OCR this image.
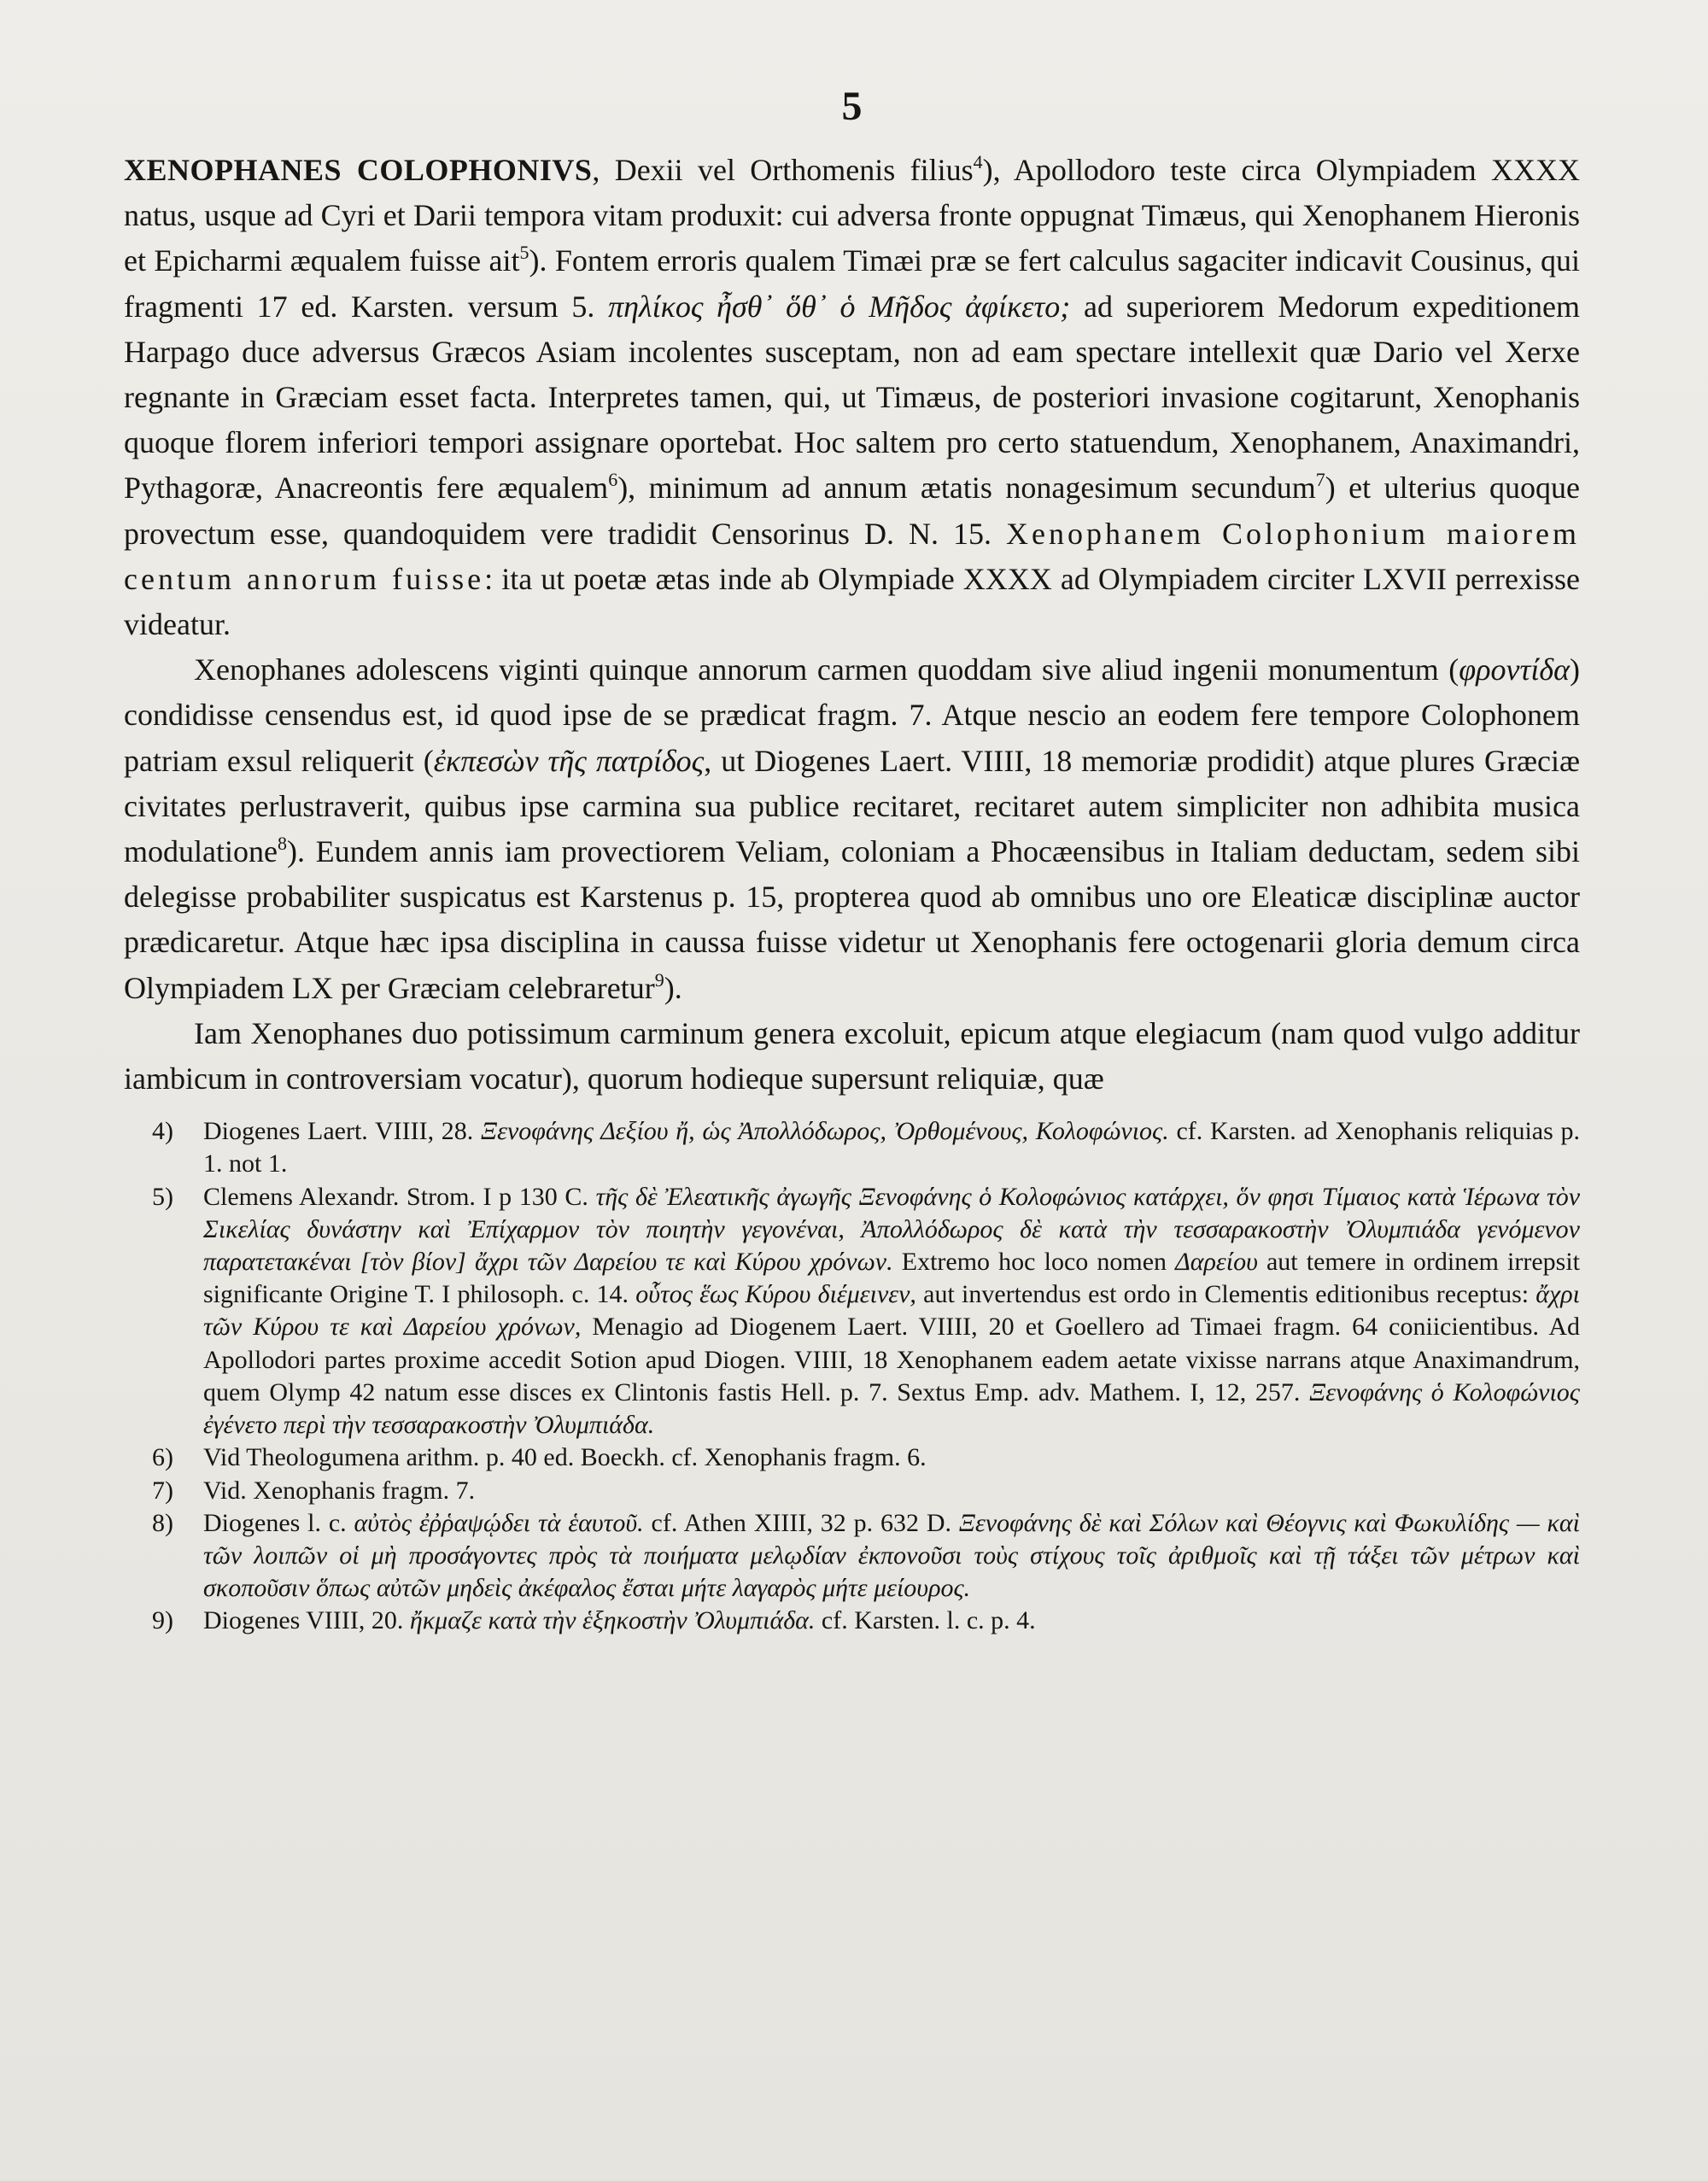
5

XENOPHANES COLOPHONIVS, Dexii vel Orthomenis filius$^4$), Apollodoro teste circa Olympiadem XXXX natus, usque ad Cyri et Darii tempora vitam produxit: cui adversa fronte oppugnat Timæus, qui Xenophanem Hieronis et Epicharmi æqualem fuisse ait$^5$). Fontem erroris qualem Timæi præ se fert calculus sagaciter indicavit Cousinus, qui fragmenti 17 ed. Karsten. versum 5. πηλίκος ἦσθ᾽ ὅθ᾽ ὁ Μῆδος ἀφίκετο; ad superiorem Medorum expeditionem Harpago duce adversus Græcos Asiam incolentes susceptam, non ad eam spectare intellexit quæ Dario vel Xerxe regnante in Græciam esset facta. Interpretes tamen, qui, ut Timæus, de posteriori invasione cogitarunt, Xenophanis quoque florem inferiori tempori assignare oportebat. Hoc saltem pro certo statuendum, Xenophanem, Anaximandri, Pythagoræ, Anacreontis fere æqualem$^6$), minimum ad annum ætatis nonagesimum secundum$^7$) et ulterius quoque provectum esse, quandoquidem vere tradidit Censorinus D. N. 15. Xenophanem Colophonium maiorem centum annorum fuisse: ita ut poetæ ætas inde ab Olympiade XXXX ad Olympiadem circiter LXVII perrexisse videatur.

Xenophanes adolescens viginti quinque annorum carmen quoddam sive aliud ingenii monumentum (φροντίδα) condidisse censendus est, id quod ipse de se prædicat fragm. 7. Atque nescio an eodem fere tempore Colophonem patriam exsul reliquerit (ἐκπεσὼν τῆς πατρίδος, ut Diogenes Laert. VIIII, 18 memoriæ prodidit) atque plures Græciæ civitates perlustraverit, quibus ipse carmina sua publice recitaret, recitaret autem simpliciter non adhibita musica modulatione$^8$). Eundem annis iam provectiorem Veliam, coloniam a Phocæensibus in Italiam deductam, sedem sibi delegisse probabiliter suspicatus est Karstenus p. 15, propterea quod ab omnibus uno ore Eleaticæ disciplinæ auctor prædicaretur. Atque hæc ipsa disciplina in caussa fuisse videtur ut Xenophanis fere octogenarii gloria demum circa Olympiadem LX per Græciam celebraretur$^9$).

Iam Xenophanes duo potissimum carminum genera excoluit, epicum atque elegiacum (nam quod vulgo additur iambicum in controversiam vocatur), quorum hodieque supersunt reliquiæ, quæ

4) Diogenes Laert. VIIII, 28. Ξενοφάνης Δεξίου ἤ, ὡς Ἀπολλόδωρος, Ὀρθομένους, Κολοφώνιος. cf. Karsten. ad Xenophanis reliquias p. 1. not 1.
5) Clemens Alexandr. Strom. I p 130 C. τῆς δὲ Ἐλεατικῆς ἀγωγῆς Ξενοφάνης ὁ Κολοφώνιος κατάρχει, ὅν φησι Τίμαιος κατὰ Ἱέρωνα τὸν Σικελίας δυνάστην καὶ Ἐπίχαρμον τὸν ποιητὴν γεγονέναι, Ἀπολλόδωρος δὲ κατὰ τὴν τεσσαρακοστὴν Ὀλυμπιάδα γενόμενον παρατετακέναι [τὸν βίον] ἄχρι τῶν Δαρείου τε καὶ Κύρου χρόνων. Extremo hoc loco nomen Δαρείου aut temere in ordinem irrepsit significante Origine T. I philosoph. c. 14. οὗτος ἕως Κύρου διέμεινεν, aut invertendus est ordo in Clementis editionibus receptus: ἄχρι τῶν Κύρου τε καὶ Δαρείου χρόνων, Menagio ad Diogenem Laert. VIIII, 20 et Goellero ad Timaei fragm. 64 coniicientibus. Ad Apollodori partes proxime accedit Sotion apud Diogen. VIIII, 18 Xenophanem eadem aetate vixisse narrans atque Anaximandrum, quem Olymp 42 natum esse disces ex Clintonis fastis Hell. p. 7. Sextus Emp. adv. Mathem. I, 12, 257. Ξενοφάνης ὁ Κολοφώνιος ἐγένετο περὶ τὴν τεσσαρακοστὴν Ὀλυμπιάδα.
6) Vid Theologumena arithm. p. 40 ed. Boeckh. cf. Xenophanis fragm. 6.
7) Vid. Xenophanis fragm. 7.
8) Diogenes l. c. αὐτὸς ἐῤῥαψῴδει τὰ ἑαυτοῦ. cf. Athen XIIII, 32 p. 632 D. Ξενοφάνης δὲ καὶ Σόλων καὶ Θέογνις καὶ Φωκυλίδης — καὶ τῶν λοιπῶν οἱ μὴ προσάγοντες πρὸς τὰ ποιήματα μελῳδίαν ἐκπονοῦσι τοὺς στίχους τοῖς ἀριθμοῖς καὶ τῇ τάξει τῶν μέτρων καὶ σκοποῦσιν ὅπως αὐτῶν μηδεὶς ἀκέφαλος ἔσται μήτε λαγαρὸς μήτε μείουρος.
9) Diogenes VIIII, 20. ἤκμαζε κατὰ τὴν ἑξηκοστὴν Ὀλυμπιάδα. cf. Karsten. l. c. p. 4.
